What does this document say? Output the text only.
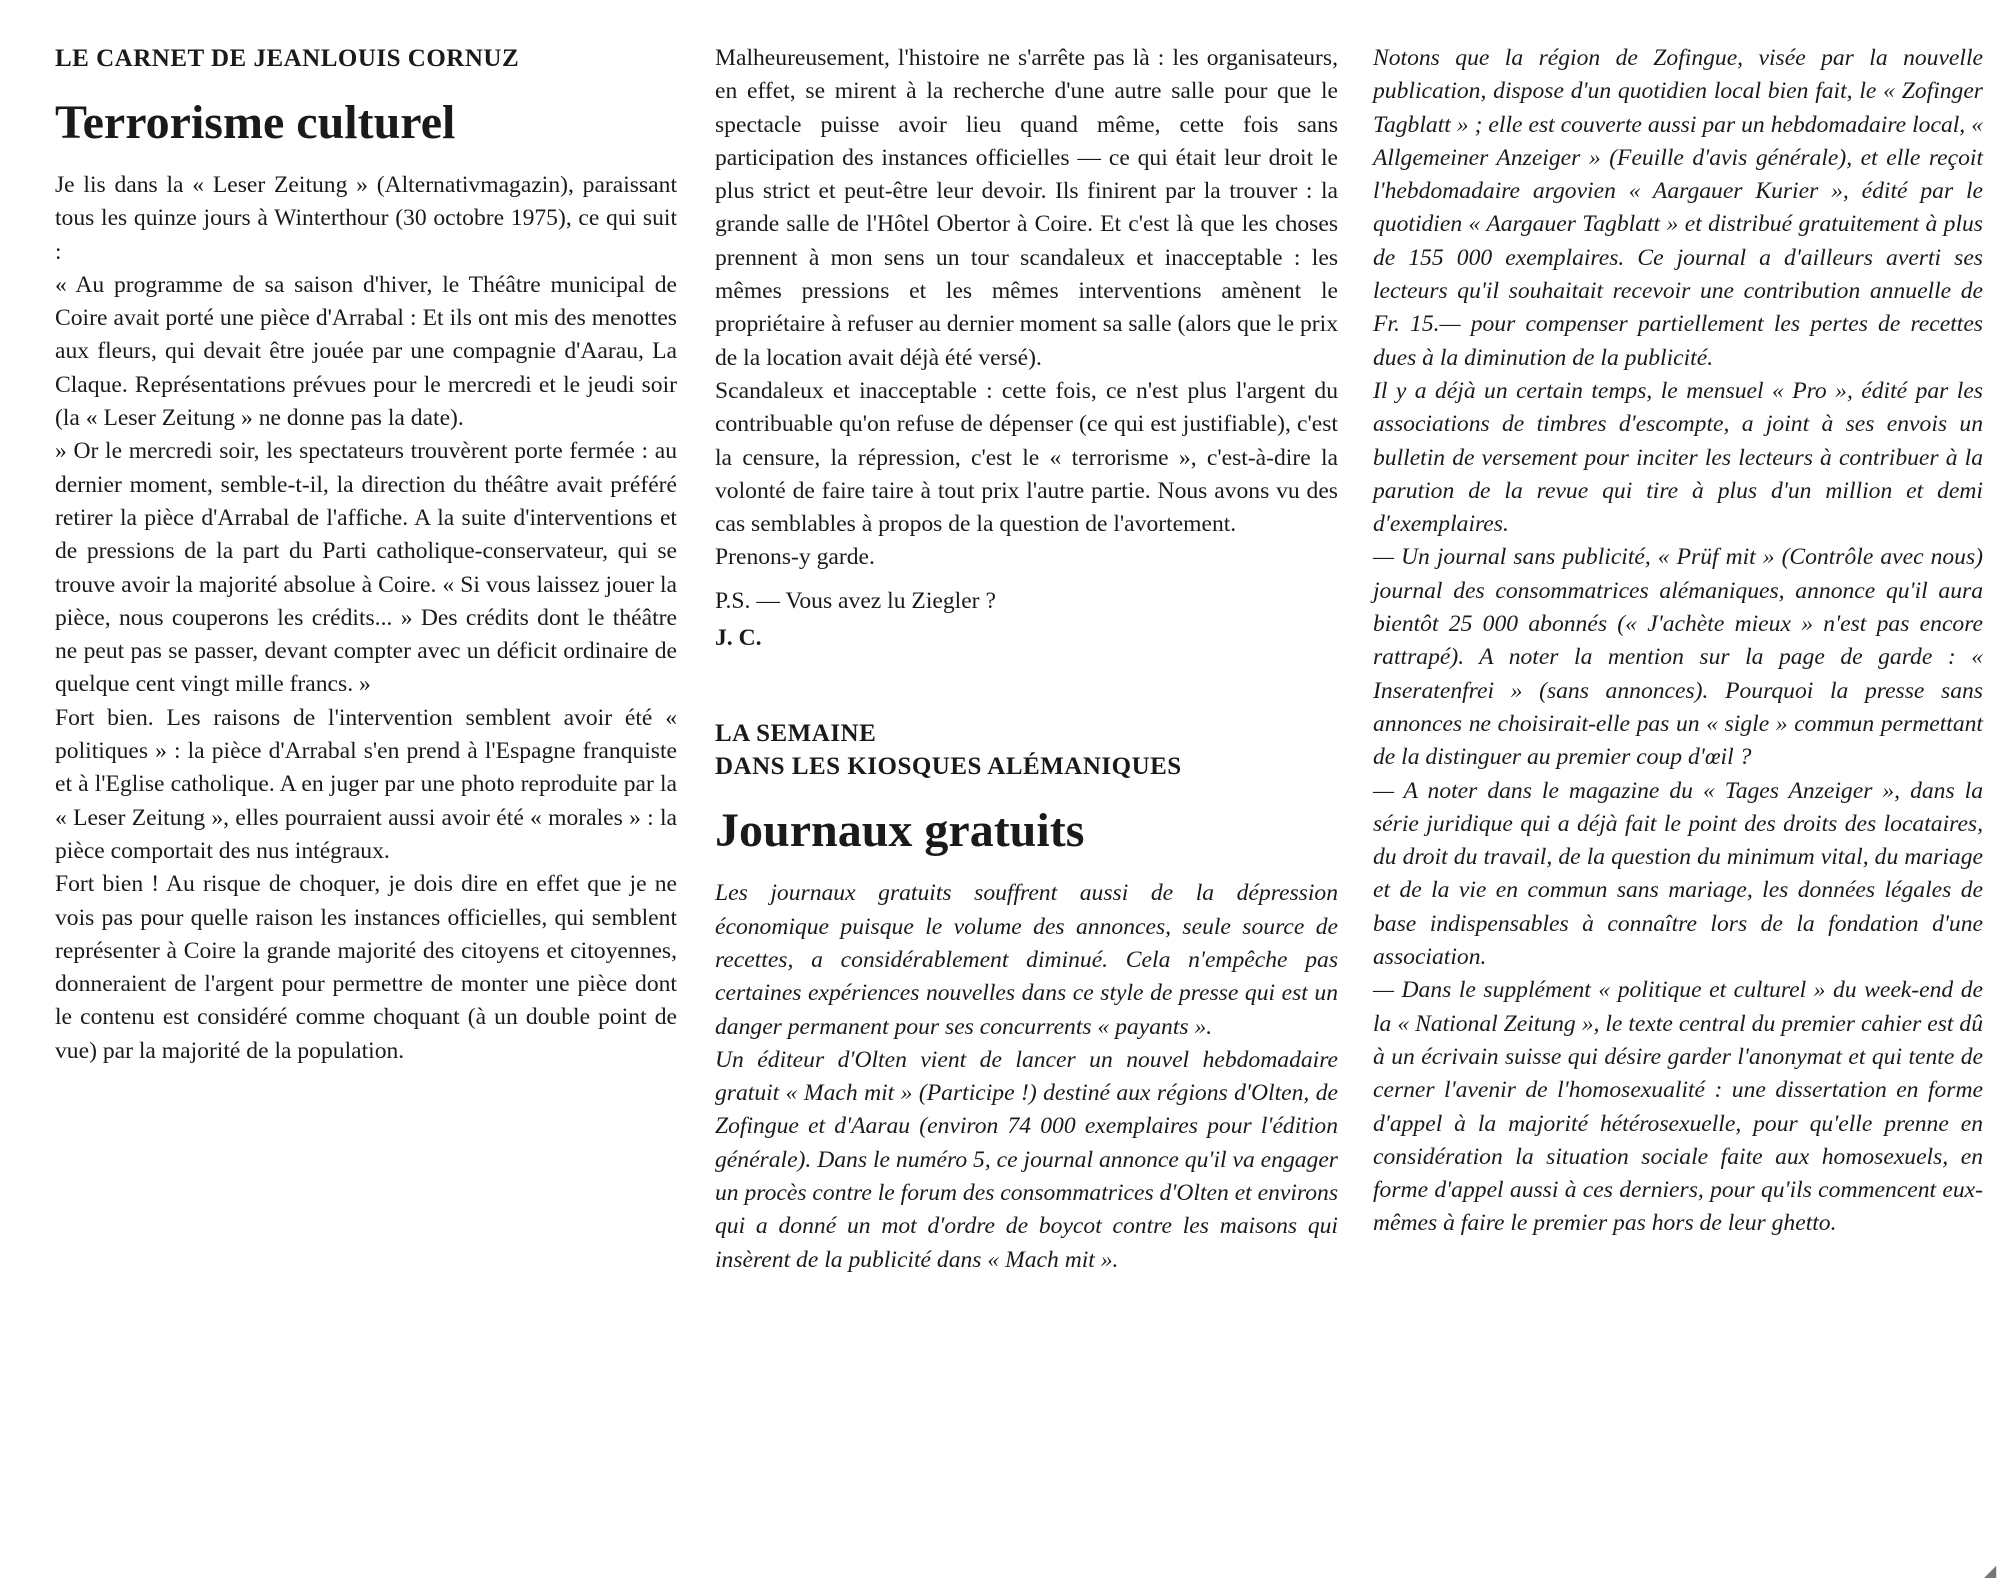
LE CARNET DE JEANLOUIS CORNUZ
Terrorisme culturel

Je lis dans la « Leser Zeitung » (Alternativmagazin), paraissant tous les quinze jours à Winterthour (30 octobre 1975), ce qui suit :

« Au programme de sa saison d'hiver, le Théâtre municipal de Coire avait porté une pièce d'Arrabal : Et ils ont mis des menottes aux fleurs, qui devait être jouée par une compagnie d'Aarau, La Claque. Représentations prévues pour le mercredi et le jeudi soir (la « Leser Zeitung » ne donne pas la date).

» Or le mercredi soir, les spectateurs trouvèrent porte fermée : au dernier moment, semble-t-il, la direction du théâtre avait préféré retirer la pièce d'Arrabal de l'affiche. A la suite d'interventions et de pressions de la part du Parti catholique-conservateur, qui se trouve avoir la majorité absolue à Coire. « Si vous laissez jouer la pièce, nous couperons les crédits... » Des crédits dont le théâtre ne peut pas se passer, devant compter avec un déficit ordinaire de quelque cent vingt mille francs. »

Fort bien. Les raisons de l'intervention semblent avoir été « politiques » : la pièce d'Arrabal s'en prend à l'Espagne franquiste et à l'Eglise catholique. A en juger par une photo reproduite par la « Leser Zeitung », elles pourraient aussi avoir été « morales » : la pièce comportait des nus intégraux.

Fort bien ! Au risque de choquer, je dois dire en effet que je ne vois pas pour quelle raison les instances officielles, qui semblent représenter à Coire la grande majorité des citoyens et citoyennes, donneraient de l'argent pour permettre de monter une pièce dont le contenu est considéré comme choquant (à un double point de vue) par la majorité de la population.

Malheureusement, l'histoire ne s'arrête pas là : les organisateurs, en effet, se mirent à la recherche d'une autre salle pour que le spectacle puisse avoir lieu quand même, cette fois sans participation des instances officielles — ce qui était leur droit le plus strict et peut-être leur devoir. Ils finirent par la trouver : la grande salle de l'Hôtel Obertor à Coire. Et c'est là que les choses prennent à mon sens un tour scandaleux et inacceptable : les mêmes pressions et les mêmes interventions amènent le propriétaire à refuser au dernier moment sa salle (alors que le prix de la location avait déjà été versé).

Scandaleux et inacceptable : cette fois, ce n'est plus l'argent du contribuable qu'on refuse de dépenser (ce qui est justifiable), c'est la censure, la répression, c'est le « terrorisme », c'est-à-dire la volonté de faire taire à tout prix l'autre partie. Nous avons vu des cas semblables à propos de la question de l'avortement.

Prenons-y garde.

P.S. — Vous avez lu Ziegler ?

J. C.

LA SEMAINE
DANS LES KIOSQUES ALÉMANIQUES
Journaux gratuits

Les journaux gratuits souffrent aussi de la dépression économique puisque le volume des annonces, seule source de recettes, a considérablement diminué. Cela n'empêche pas certaines expériences nouvelles dans ce style de presse qui est un danger permanent pour ses concurrents « payants ».

Un éditeur d'Olten vient de lancer un nouvel hebdomadaire gratuit « Mach mit » (Participe !) destiné aux régions d'Olten, de Zofingue et d'Aarau (environ 74 000 exemplaires pour l'édition générale). Dans le numéro 5, ce journal annonce qu'il va engager un procès contre le forum des consommatrices d'Olten et environs qui a donné un mot d'ordre de boycot contre les maisons qui insèrent de la publicité dans « Mach mit ».

Notons que la région de Zofingue, visée par la nouvelle publication, dispose d'un quotidien local bien fait, le « Zofinger Tagblatt » ; elle est couverte aussi par un hebdomadaire local, « Allgemeiner Anzeiger » (Feuille d'avis générale), et elle reçoit l'hebdomadaire argovien « Aargauer Kurier », édité par le quotidien « Aargauer Tagblatt » et distribué gratuitement à plus de 155 000 exemplaires. Ce journal a d'ailleurs averti ses lecteurs qu'il souhaitait recevoir une contribution annuelle de Fr. 15.— pour compenser partiellement les pertes de recettes dues à la diminution de la publicité.

Il y a déjà un certain temps, le mensuel « Pro », édité par les associations de timbres d'escompte, a joint à ses envois un bulletin de versement pour inciter les lecteurs à contribuer à la parution de la revue qui tire à plus d'un million et demi d'exemplaires.

— Un journal sans publicité, « Prüf mit » (Contrôle avec nous) journal des consommatrices alémaniques, annonce qu'il aura bientôt 25 000 abonnés (« J'achète mieux » n'est pas encore rattrapé). A noter la mention sur la page de garde : « Inseratenfrei » (sans annonces). Pourquoi la presse sans annonces ne choisirait-elle pas un « sigle » commun permettant de la distinguer au premier coup d'œil ?

— A noter dans le magazine du « Tages Anzeiger », dans la série juridique qui a déjà fait le point des droits des locataires, du droit du travail, de la question du minimum vital, du mariage et de la vie en commun sans mariage, les données légales de base indispensables à connaître lors de la fondation d'une association.

— Dans le supplément « politique et culturel » du week-end de la « National Zeitung », le texte central du premier cahier est dû à un écrivain suisse qui désire garder l'anonymat et qui tente de cerner l'avenir de l'homosexualité : une dissertation en forme d'appel à la majorité hétérosexuelle, pour qu'elle prenne en considération la situation sociale faite aux homosexuels, en forme d'appel aussi à ces derniers, pour qu'ils commencent eux-mêmes à faire le premier pas hors de leur ghetto.

◢
